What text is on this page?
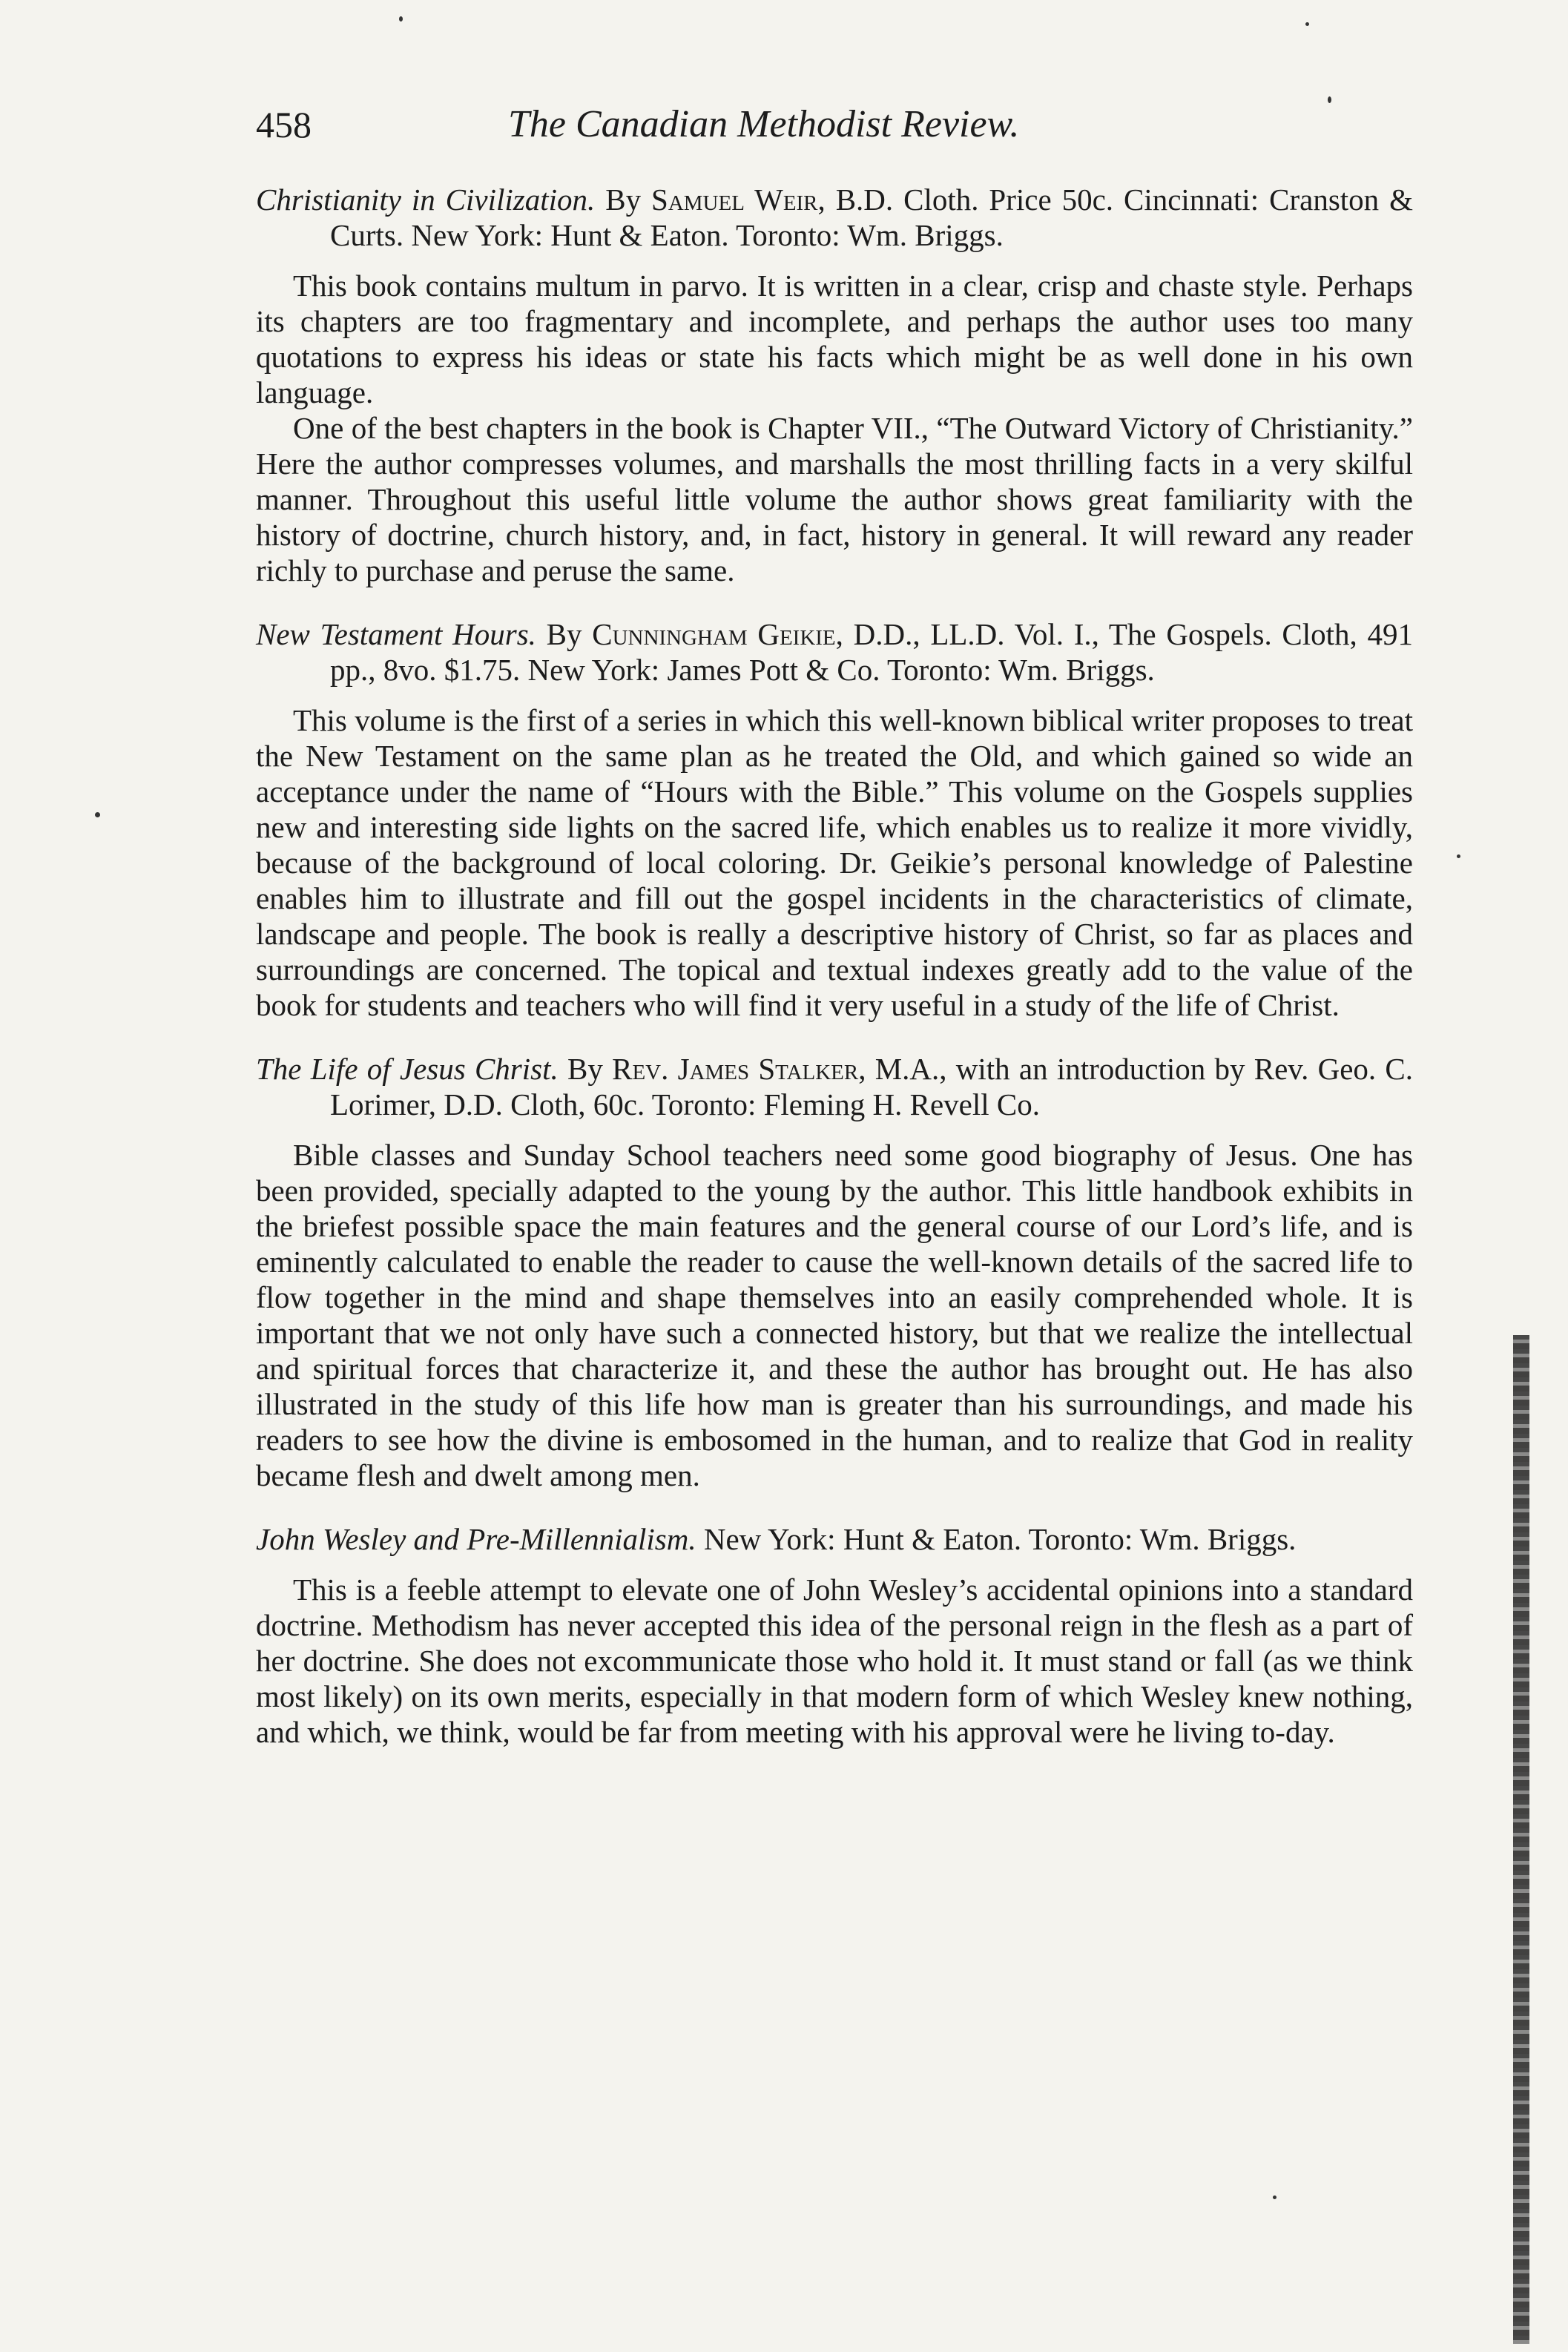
458	The Canadian Methodist Review.

Christianity in Civilization. By Samuel Weir, B.D. Cloth. Price 50c. Cincinnati: Cranston & Curts. New York: Hunt & Eaton. Toronto: Wm. Briggs.

This book contains multum in parvo. It is written in a clear, crisp and chaste style. Perhaps its chapters are too fragmentary and incomplete, and perhaps the author uses too many quotations to express his ideas or state his facts which might be as well done in his own language.

One of the best chapters in the book is Chapter VII., “The Outward Victory of Christianity.” Here the author compresses volumes, and marshalls the most thrilling facts in a very skilful manner. Throughout this useful little volume the author shows great familiarity with the history of doctrine, church history, and, in fact, history in general. It will reward any reader richly to purchase and peruse the same.

New Testament Hours. By Cunningham Geikie, D.D., LL.D. Vol. I., The Gospels. Cloth, 491 pp., 8vo. $1.75. New York: James Pott & Co. Toronto: Wm. Briggs.

This volume is the first of a series in which this well-known biblical writer proposes to treat the New Testament on the same plan as he treated the Old, and which gained so wide an acceptance under the name of “Hours with the Bible.” This volume on the Gospels supplies new and interesting side lights on the sacred life, which enables us to realize it more vividly, because of the background of local coloring. Dr. Geikie’s personal knowledge of Palestine enables him to illustrate and fill out the gospel incidents in the characteristics of climate, landscape and people. The book is really a descriptive history of Christ, so far as places and surroundings are concerned. The topical and textual indexes greatly add to the value of the book for students and teachers who will find it very useful in a study of the life of Christ.

The Life of Jesus Christ. By Rev. James Stalker, M.A., with an introduction by Rev. Geo. C. Lorimer, D.D. Cloth, 60c. Toronto: Fleming H. Revell Co.

Bible classes and Sunday School teachers need some good biography of Jesus. One has been provided, specially adapted to the young by the author. This little handbook exhibits in the briefest possible space the main features and the general course of our Lord’s life, and is eminently calculated to enable the reader to cause the well-known details of the sacred life to flow together in the mind and shape themselves into an easily comprehended whole. It is important that we not only have such a connected history, but that we realize the intellectual and spiritual forces that characterize it, and these the author has brought out. He has also illustrated in the study of this life how man is greater than his surroundings, and made his readers to see how the divine is embosomed in the human, and to realize that God in reality became flesh and dwelt among men.

John Wesley and Pre-Millennialism. New York: Hunt & Eaton. Toronto: Wm. Briggs.

This is a feeble attempt to elevate one of John Wesley’s accidental opinions into a standard doctrine. Methodism has never accepted this idea of the personal reign in the flesh as a part of her doctrine. She does not excommunicate those who hold it. It must stand or fall (as we think most likely) on its own merits, especially in that modern form of which Wesley knew nothing, and which, we think, would be far from meeting with his approval were he living to-day.
